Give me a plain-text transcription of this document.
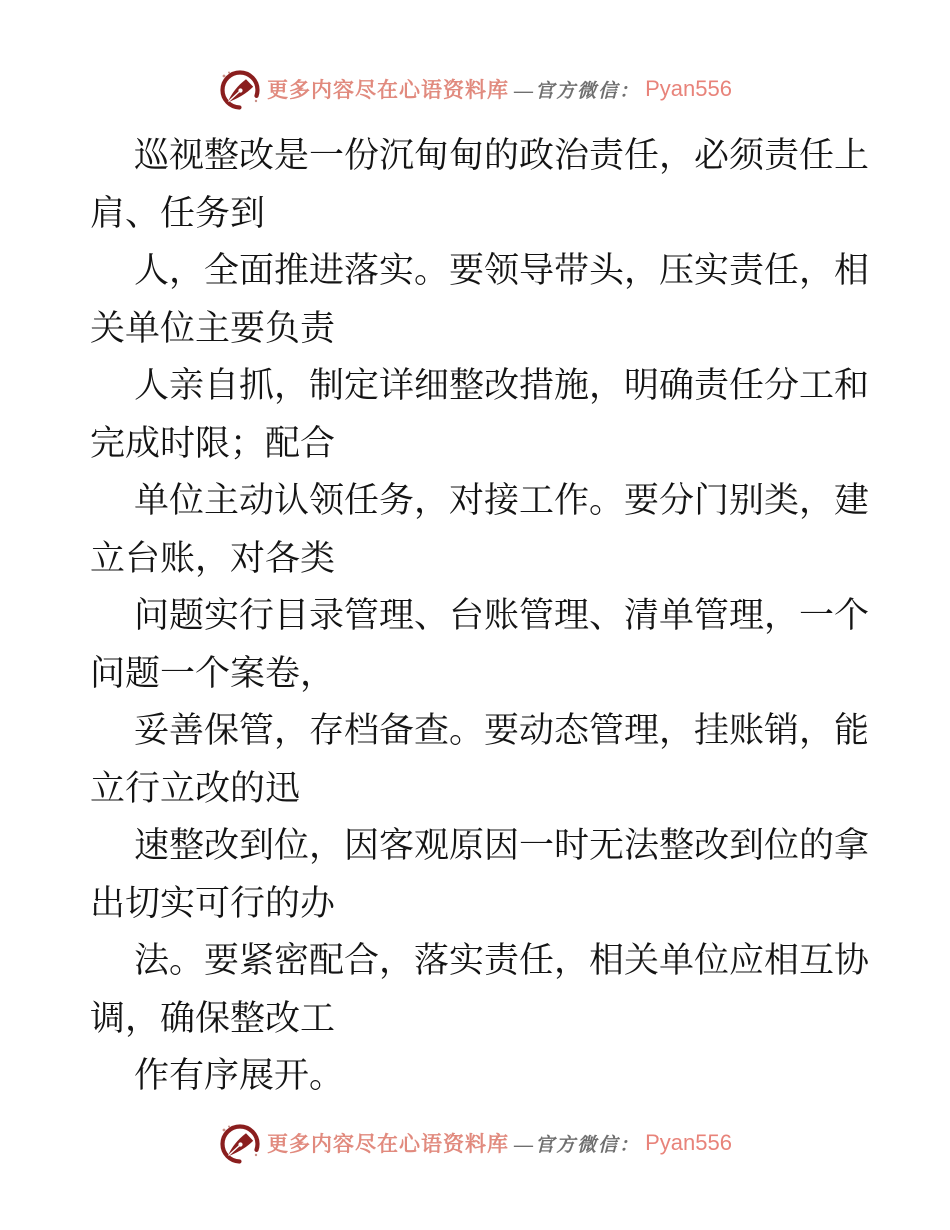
更多内容尽在心语资料库 —官方微信： Pyan556
巡视整改是一份沉甸甸的政治责任，必须责任上
肩、任务到
人，全面推进落实。要领导带头，压实责任，相
关单位主要负责
人亲自抓，制定详细整改措施，明确责任分工和
完成时限；配合
单位主动认领任务，对接工作。要分门别类，建
立台账，对各类
问题实行目录管理、台账管理、清单管理，一个
问题一个案卷，
妥善保管，存档备查。要动态管理，挂账销，能
立行立改的迅
速整改到位，因客观原因一时无法整改到位的拿
出切实可行的办
法。要紧密配合，落实责任，相关单位应相互协
调，确保整改工
作有序展开。
更多内容尽在心语资料库 —官方微信： Pyan556
